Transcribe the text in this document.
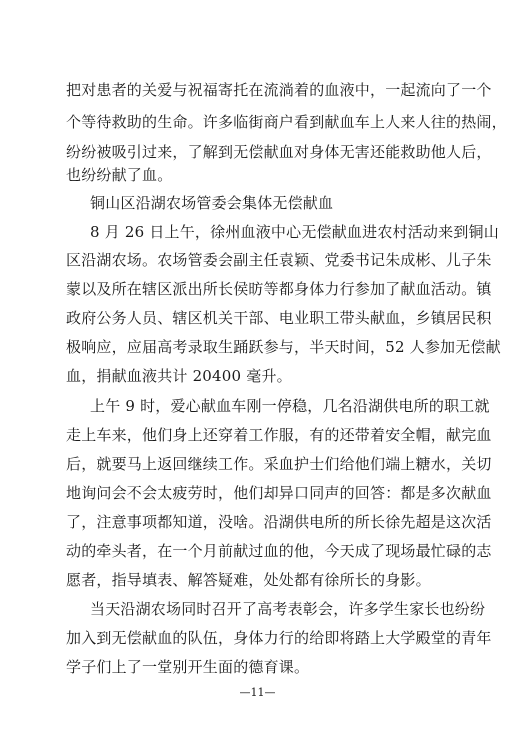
把对患者的关爱与祝福寄托在流淌着的血液中，一起流向了一个
个等待救助的生命。许多临街商户看到献血车上人来人往的热闹，
纷纷被吸引过来，了解到无偿献血对身体无害还能救助他人后，
也纷纷献了血。
铜山区沿湖农场管委会集体无偿献血
8 月 26 日上午，徐州血液中心无偿献血进农村活动来到铜山
区沿湖农场。农场管委会副主任袁颖、党委书记朱成彬、儿子朱
蒙以及所在辖区派出所长侯昉等都身体力行参加了献血活动。镇
政府公务人员、辖区机关干部、电业职工带头献血，乡镇居民积
极响应，应届高考录取生踊跃参与，半天时间，52 人参加无偿献
血，捐献血液共计 20400 毫升。
上午 9 时，爱心献血车刚一停稳，几名沿湖供电所的职工就
走上车来，他们身上还穿着工作服，有的还带着安全帽，献完血
后，就要马上返回继续工作。采血护士们给他们端上糖水，关切
地询问会不会太疲劳时，他们却异口同声的回答：都是多次献血
了，注意事项都知道，没啥。沿湖供电所的所长徐先超是这次活
动的牵头者，在一个月前献过血的他，今天成了现场最忙碌的志
愿者，指导填表、解答疑难，处处都有徐所长的身影。
当天沿湖农场同时召开了高考表彰会，许多学生家长也纷纷
加入到无偿献血的队伍，身体力行的给即将踏上大学殿堂的青年
学子们上了一堂别开生面的德育课。
—11—
